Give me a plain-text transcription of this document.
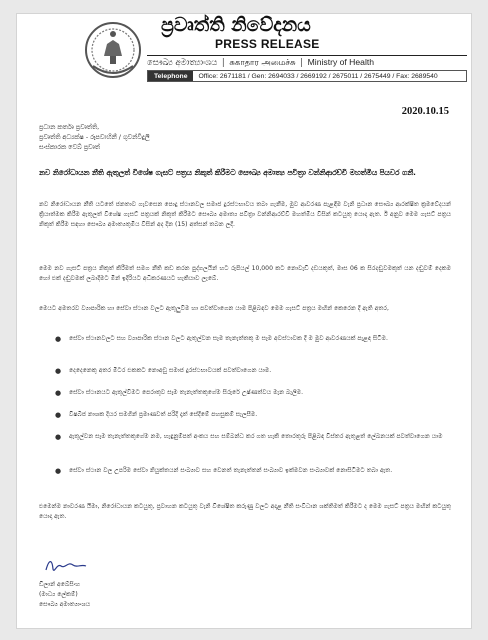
ප්‍රවෘත්ති නිවේදනය
PRESS RELEASE
සෞඛ්‍ය අමාත්‍යාංශය | சுகாதார அமைச்சு | Ministry of Health
Telephone	Office: 2671181 / Gen: 2694033 / 2669192 / 2675011 / 2675449 / Fax: 2689540
2020.10.15
ප්‍රධාන කර්තෘ ප්‍රවෘත්ති,
ප්‍රවෘත්ති අධ්‍යක්ෂ - රූපවාහිනී / ගුවන්විදුලි
සංස්කාරක වෙබ් ප්‍රවෘත්
නව නිරෝධායන නීති ඇතුලත් විශේෂ ගැසට් පත්‍රය නිකුත් කිරීමට සෞඛ්‍ය අමාත්‍ය පවිත්‍රා වන්නිආරච්චි මහත්මිය පියවර ගනී.
නව නිරෝධායන නීති යටතේ ජනතාව ගැවසෙන පොදු ස්ථානවල සමාජ දුරස්ථභාවය තබා ගැනීම, මුව ආවරණ පැළඳීම වැනි ප්‍රධාන සෞඛ්‍ය ආරක්ෂිත ක්‍රමවේදයන් ක්‍රියාත්මක කිරීම ඇතුලත් විශේෂ ගැසට් පත්‍රයක් නිකුත් කිරීමට සෞඛ්‍ය අමාත්‍ය පවිත්‍රා වන්නිආරච්චි මහත්මිය විසින් කටයුතු යොදා ඇත. ඊ අනුව මෙම ගැසට් පත්‍රය නිකුත් කිරීම සඳහා සෞඛ්‍ය අමාත්‍යතුමිය විසින් අද දින (15) අත්සන් තබන ලදී.
මෙම නව ගැසට් පත්‍රය නිකුත් කිරීමත් සමග නීති කඩ කරන පුද්ගලයින් හට රුපියල් 10,000 කට නොවැඩි දඩයකුත්, මාස 06 ක සිරදඬුවමකුත් යන දඬුවම් දෙකම හෝ එක් දඬුවමක් ලබාදීමට මින් ඉදිරියට අධිකරණයට හැකියාව ලැබේ.
මෙයට අමතරව ව්‍යාපාරික හා සේවා ස්ථාන වලට ඇතුලුවීම හා පවත්වාගෙන යාම පිළිබඳව මෙම ගැසට් පත්‍රය මඟින් කෙරෙන දී ඇති අතර,
● සේවා ස්ථානවලට සහ ව්‍යාපාරික ස්ථාන වලට ඇතුල්වන සෑම තැනැත්තකු ම සෑම අවස්ථාවක දී ම මුව ආවරණයක් පැළඳ සිටීම.
● දෙදෙනෙකු අතර මීටර එකකට නොඅඩු සමාජ දුරස්ථභාවයක් පවත්වාගෙන යාම.
● සේවා ස්ථානයට ඇතුල්වීමට පෙරාතුව සෑම තැනැත්තකුගේම සිරුරේ උෂ්ණත්වය මැන බැලීම.
● විෂබීජ නාශක දියර සමගින් ප්‍රමාණවත් පරිදි දෑත් සේදීමේ පහසුකම් සැලසීම.
● ඇතුල්වන සෑම තැනැත්තකුගේම නම, හැඳුනුම්පත් අංකය සහ සම්බන්ධ කර ගත හැකි තොරතුරු පිළිබඳ විස්තර ඇතුළත් ලේඛනයක් පවත්වාගෙන යාම
● සේවා ස්ථාන වල උපරිම සේවා නියුක්තයන් සංඛ්‍යාව සහ වෙනත් තැනැත්තන් සංඛ්‍යාව ඉක්මවන සංඛ්‍යාවක් නොසිටීමට තබා ඇත.
එමෙන්ම නාවරණ යීමා, නිරෝධායන කටයුතු, ප්‍රවාහන කටයුතු වැනි විශේෂිත කරුණු වලට අදාළ නීති සංවිධාන ශක්තිමත් කිරීමට ද මෙම ගැසට් පත්‍රය මඟින් කටයුතු යොදා ඇත.
ඩිලාන් අබේසිංහ
(මාධ්‍ය ලේකම්)
සෞඛ්‍ය අමාත්‍යාංශය
